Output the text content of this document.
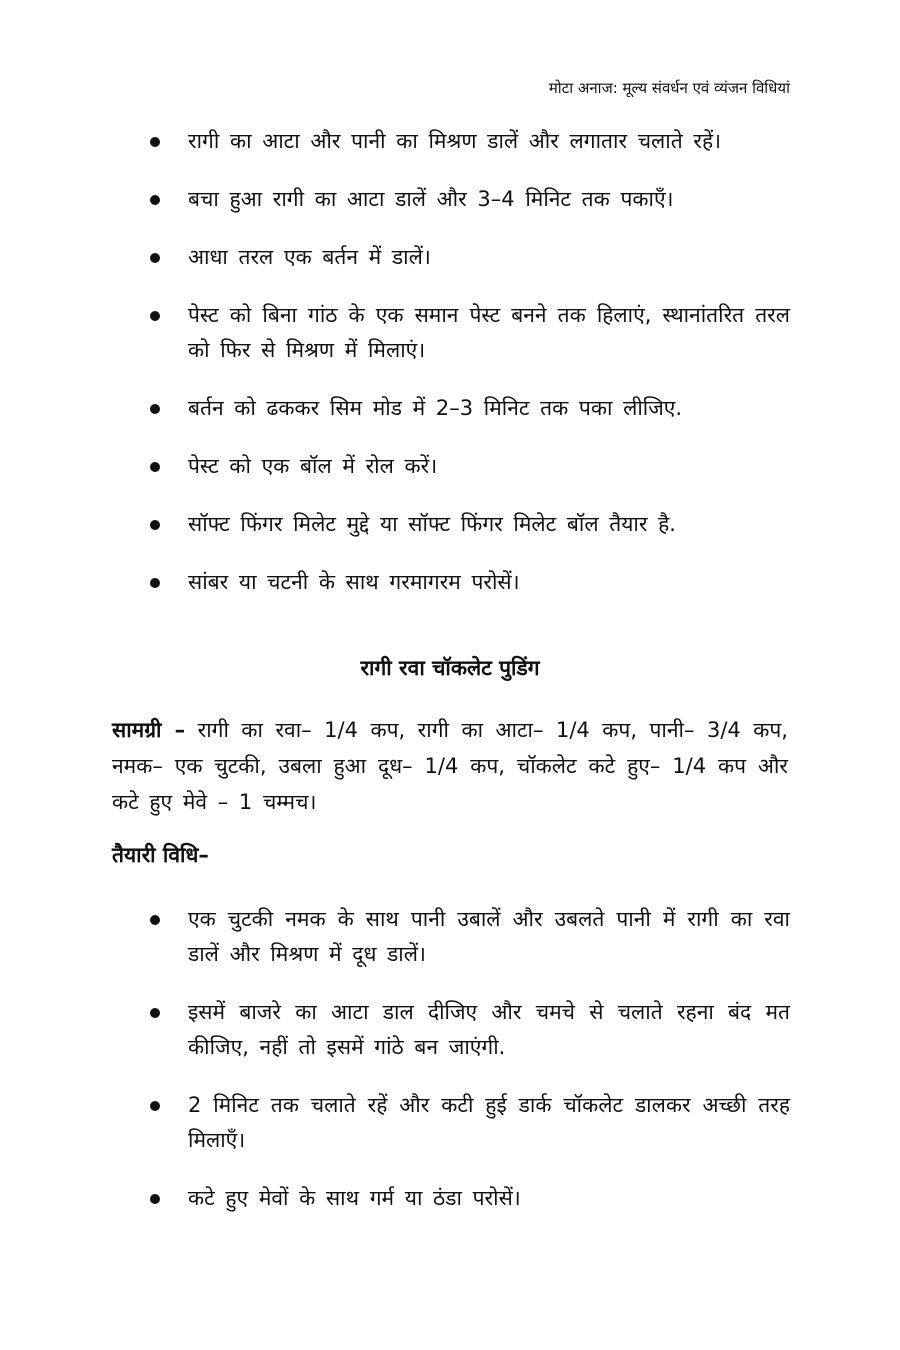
मोटा अनाज: मूल्य संवर्धन एवं व्यंजन विधियां
रागी का आटा और पानी का मिश्रण डालें और लगातार चलाते रहें।
बचा हुआ रागी का आटा डालें और 3–4 मिनिट तक पकाएँ।
आधा तरल एक बर्तन में डालें।
पेस्ट को बिना गांठ के एक समान पेस्ट बनने तक हिलाएं, स्थानांतरित तरल को फिर से मिश्रण में मिलाएं।
बर्तन को ढककर सिम मोड में 2–3 मिनिट तक पका लीजिए.
पेस्ट को एक बॉल में रोल करें।
सॉफ्ट फिंगर मिलेट मुद्दे या सॉफ्ट फिंगर मिलेट बॉल तैयार है.
सांबर या चटनी के साथ गरमागरम परोसें।
रागी रवा चॉकलेट पुडिंग

सामग्री – रागी का रवा– 1/4 कप, रागी का आटा– 1/4 कप, पानी– 3/4 कप, नमक– एक चुटकी, उबला हुआ दूध– 1/4 कप, चॉकलेट कटे हुए– 1/4 कप और कटे हुए मेवे – 1 चम्मच।

तैयारी विधि–
एक चुटकी नमक के साथ पानी उबालें और उबलते पानी में रागी का रवा डालें और मिश्रण में दूध डालें।
इसमें बाजरे का आटा डाल दीजिए और चमचे से चलाते रहना बंद मत कीजिए, नहीं तो इसमें गांठे बन जाएंगी.
2 मिनिट तक चलाते रहें और कटी हुई डार्क चॉकलेट डालकर अच्छी तरह मिलाएँ।
कटे हुए मेवों के साथ गर्म या ठंडा परोसें।
